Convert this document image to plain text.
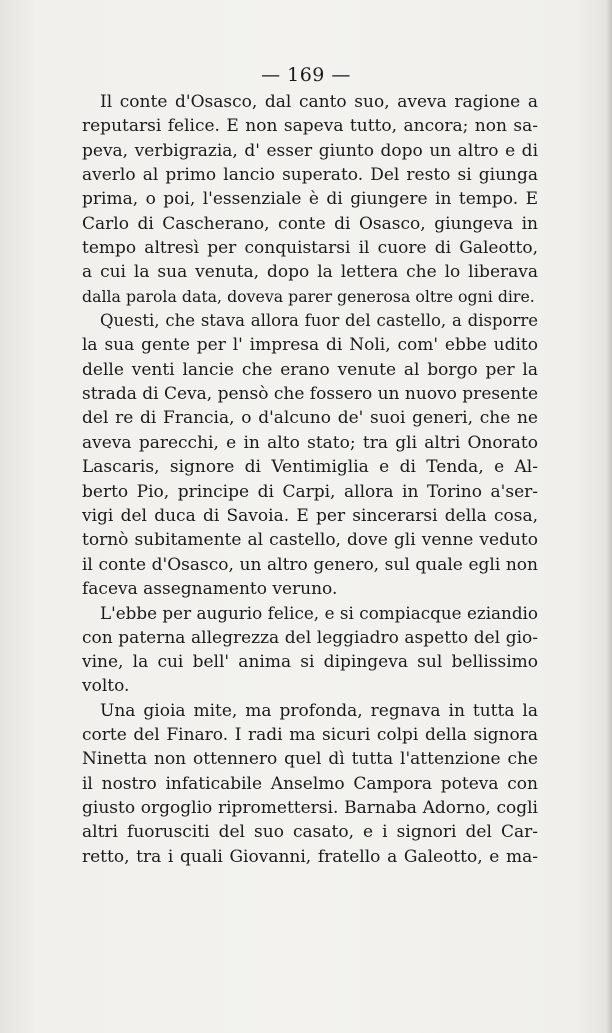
— 169 —
Il conte d'Osasco, dal canto suo, aveva ragione a
reputarsi felice. E non sapeva tutto, ancora; non sa-
peva, verbigrazia, d' esser giunto dopo un altro e di
averlo al primo lancio superato. Del resto si giunga
prima, o poi, l'essenziale è di giungere in tempo. E
Carlo di Cascherano, conte di Osasco, giungeva in
tempo altresì per conquistarsi il cuore di Galeotto,
a cui la sua venuta, dopo la lettera che lo liberava
dalla parola data, doveva parer generosa oltre ogni dire.
Questi, che stava allora fuor del castello, a disporre
la sua gente per l' impresa di Noli, com' ebbe udito
delle venti lancie che erano venute al borgo per la
strada di Ceva, pensò che fossero un nuovo presente
del re di Francia, o d'alcuno de' suoi generi, che ne
aveva parecchi, e in alto stato; tra gli altri Onorato
Lascaris, signore di Ventimiglia e di Tenda, e Al-
berto Pio, principe di Carpi, allora in Torino a'ser-
vigi del duca di Savoia. E per sincerarsi della cosa,
tornò subitamente al castello, dove gli venne veduto
il conte d'Osasco, un altro genero, sul quale egli non
faceva assegnamento veruno.
L'ebbe per augurio felice, e si compiacque eziandio
con paterna allegrezza del leggiadro aspetto del gio-
vine, la cui bell' anima si dipingeva sul bellissimo
volto.
Una gioia mite, ma profonda, regnava in tutta la
corte del Finaro. I radi ma sicuri colpi della signora
Ninetta non ottennero quel dì tutta l'attenzione che
il nostro infaticabile Anselmo Campora poteva con
giusto orgoglio ripromettersi. Barnaba Adorno, cogli
altri fuorusciti del suo casato, e i signori del Car-
retto, tra i quali Giovanni, fratello a Galeotto, e ma-
